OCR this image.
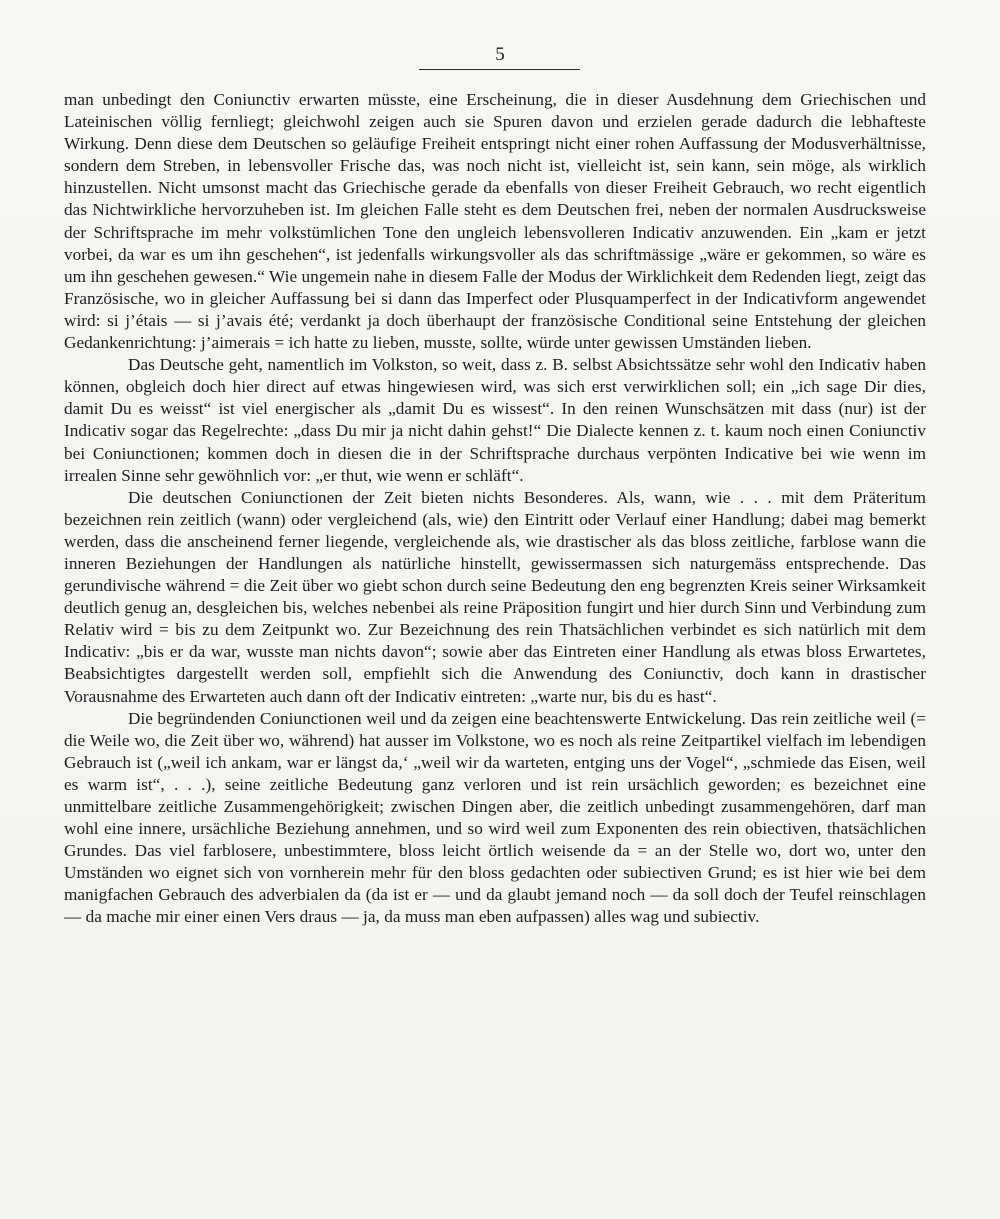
5

man unbedingt den Coniunctiv erwarten müsste, eine Erscheinung, die in dieser Ausdehnung dem Griechischen und Lateinischen völlig fernliegt; gleichwohl zeigen auch sie Spuren davon und erzielen gerade dadurch die lebhafteste Wirkung. Denn diese dem Deutschen so geläufige Freiheit entspringt nicht einer rohen Auffassung der Modusverhältnisse, sondern dem Streben, in lebensvoller Frische das, was noch nicht ist, vielleicht ist, sein kann, sein möge, als wirklich hinzustellen. Nicht umsonst macht das Griechische gerade da ebenfalls von dieser Freiheit Gebrauch, wo recht eigentlich das Nichtwirkliche hervorzuheben ist. Im gleichen Falle steht es dem Deutschen frei, neben der normalen Ausdrucksweise der Schriftsprache im mehr volkstümlichen Tone den ungleich lebensvolleren Indicativ anzuwenden. Ein „kam er jetzt vorbei, da war es um ihn geschehen“, ist jedenfalls wirkungsvoller als das schriftmässige „wäre er gekommen, so wäre es um ihn geschehen gewesen.“ Wie ungemein nahe in diesem Falle der Modus der Wirklichkeit dem Redenden liegt, zeigt das Französische, wo in gleicher Auffassung bei si dann das Imperfect oder Plusquamperfect in der Indicativform angewendet wird: si j’étais — si j’avais été; verdankt ja doch überhaupt der französische Conditional seine Entstehung der gleichen Gedankenrichtung: j’aimerais = ich hatte zu lieben, musste, sollte, würde unter gewissen Umständen lieben.

Das Deutsche geht, namentlich im Volkston, so weit, dass z. B. selbst Absichtssätze sehr wohl den Indicativ haben können, obgleich doch hier direct auf etwas hingewiesen wird, was sich erst verwirklichen soll; ein „ich sage Dir dies, damit Du es weisst“ ist viel energischer als „damit Du es wissest“. In den reinen Wunschsätzen mit dass (nur) ist der Indicativ sogar das Regelrechte: „dass Du mir ja nicht dahin gehst!“ Die Dialecte kennen z. t. kaum noch einen Coniunctiv bei Coniunctionen; kommen doch in diesen die in der Schriftsprache durchaus verpönten Indicative bei wie wenn im irrealen Sinne sehr gewöhnlich vor: „er thut, wie wenn er schläft“.

Die deutschen Coniunctionen der Zeit bieten nichts Besonderes. Als, wann, wie . . . mit dem Präteritum bezeichnen rein zeitlich (wann) oder vergleichend (als, wie) den Eintritt oder Verlauf einer Handlung; dabei mag bemerkt werden, dass die anscheinend ferner liegende, vergleichende als, wie drastischer als das bloss zeitliche, farblose wann die inneren Beziehungen der Handlungen als natürliche hinstellt, gewissermassen sich naturgemäss entsprechende. Das gerundivische während = die Zeit über wo giebt schon durch seine Bedeutung den eng begrenzten Kreis seiner Wirksamkeit deutlich genug an, desgleichen bis, welches nebenbei als reine Präposition fungirt und hier durch Sinn und Verbindung zum Relativ wird = bis zu dem Zeitpunkt wo. Zur Bezeichnung des rein Thatsächlichen verbindet es sich natürlich mit dem Indicativ: „bis er da war, wusste man nichts davon“; sowie aber das Eintreten einer Handlung als etwas bloss Erwartetes, Beabsichtigtes dargestellt werden soll, empfiehlt sich die Anwendung des Coniunctiv, doch kann in drastischer Vorausnahme des Erwarteten auch dann oft der Indicativ eintreten: „warte nur, bis du es hast“.

Die begründenden Coniunctionen weil und da zeigen eine beachtenswerte Entwickelung. Das rein zeitliche weil (= die Weile wo, die Zeit über wo, während) hat ausser im Volkstone, wo es noch als reine Zeitpartikel vielfach im lebendigen Gebrauch ist („weil ich ankam, war er längst da,‘ „weil wir da warteten, entging uns der Vogel“, „schmiede das Eisen, weil es warm ist“, . . .), seine zeitliche Bedeutung ganz verloren und ist rein ursächlich geworden; es bezeichnet eine unmittelbare zeitliche Zusammengehörigkeit; zwischen Dingen aber, die zeitlich unbedingt zusammengehören, darf man wohl eine innere, ursächliche Beziehung annehmen, und so wird weil zum Exponenten des rein obiectiven, thatsächlichen Grundes. Das viel farblosere, unbestimmtere, bloss leicht örtlich weisende da = an der Stelle wo, dort wo, unter den Umständen wo eignet sich von vornherein mehr für den bloss gedachten oder subiectiven Grund; es ist hier wie bei dem manigfachen Gebrauch des adverbialen da (da ist er — und da glaubt jemand noch — da soll doch der Teufel reinschlagen — da mache mir einer einen Vers draus — ja, da muss man eben aufpassen) alles wag und subiectiv.
